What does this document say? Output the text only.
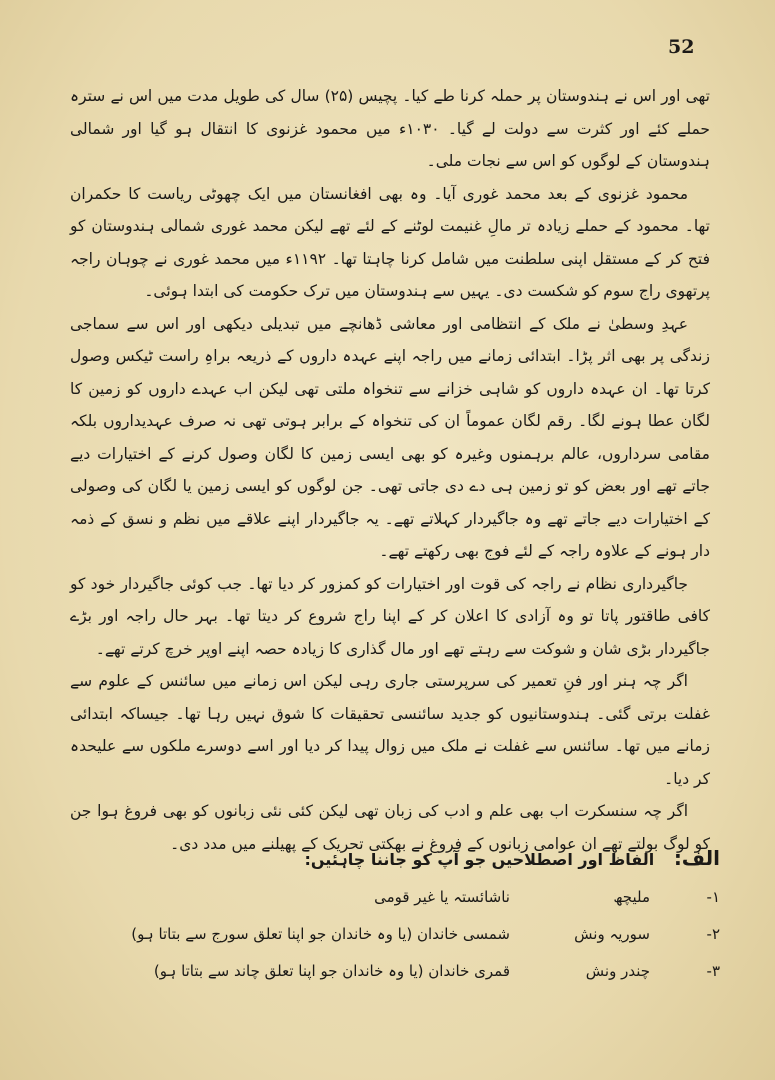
52

تھی اور اس نے ہندوستان پر حملہ کرنا طے کیا۔ پچیس (۲۵) سال کی طویل مدت میں اس نے سترہ حملے کئے اور کثرت سے دولت لے گیا۔ ۱۰۳۰ء میں محمود غزنوی کا انتقال ہو گیا اور شمالی ہندوستان کے لوگوں کو اس سے نجات ملی۔

محمود غزنوی کے بعد محمد غوری آیا۔ وہ بھی افغانستان میں ایک چھوٹی ریاست کا حکمران تھا۔ محمود کے حملے زیادہ تر مالِ غنیمت لوٹنے کے لئے تھے لیکن محمد غوری شمالی ہندوستان کو فتح کر کے مستقل اپنی سلطنت میں شامل کرنا چاہتا تھا۔ ۱۱۹۲ء میں محمد غوری نے چوہان راجہ پرتھوی راج سوم کو شکست دی۔ یہیں سے ہندوستان میں ترک حکومت کی ابتدا ہوئی۔

عہدِ وسطیٰ نے ملک کے انتظامی اور معاشی ڈھانچے میں تبدیلی دیکھی اور اس سے سماجی زندگی پر بھی اثر پڑا۔ ابتدائی زمانے میں راجہ اپنے عہدہ داروں کے ذریعہ براہِ راست ٹیکس وصول کرتا تھا۔ ان عہدہ داروں کو شاہی خزانے سے تنخواہ ملتی تھی لیکن اب عہدے داروں کو زمین کا لگان عطا ہونے لگا۔ رقم لگان عموماً ان کی تنخواہ کے برابر ہوتی تھی نہ صرف عہدیداروں بلکہ مقامی سرداروں، عالم برہمنوں وغیرہ کو بھی ایسی زمین کا لگان وصول کرنے کے اختیارات دیے جاتے تھے اور بعض کو تو زمین ہی دے دی جاتی تھی۔ جن لوگوں کو ایسی زمین یا لگان کی وصولی کے اختیارات دیے جاتے تھے وہ جاگیردار کہلاتے تھے۔ یہ جاگیردار اپنے علاقے میں نظم و نسق کے ذمہ دار ہونے کے علاوہ راجہ کے لئے فوج بھی رکھتے تھے۔

جاگیرداری نظام نے راجہ کی قوت اور اختیارات کو کمزور کر دیا تھا۔ جب کوئی جاگیردار خود کو کافی طاقتور پاتا تو وہ آزادی کا اعلان کر کے اپنا راج شروع کر دیتا تھا۔ بہر حال راجہ اور بڑے جاگیردار بڑی شان و شوکت سے رہتے تھے اور مال گذاری کا زیادہ حصہ اپنے اوپر خرچ کرتے تھے۔

اگر چہ ہنر اور فنِ تعمیر کی سرپرستی جاری رہی لیکن اس زمانے میں سائنس کے علوم سے غفلت برتی گئی۔ ہندوستانیوں کو جدید سائنسی تحقیقات کا شوق نہیں رہا تھا۔ جیساکہ ابتدائی زمانے میں تھا۔ سائنس سے غفلت نے ملک میں زوال پیدا کر دیا اور اسے دوسرے ملکوں سے علیحدہ کر دیا۔

اگر چہ سنسکرت اب بھی علم و ادب کی زبان تھی لیکن کئی نئی زبانوں کو بھی فروغ ہوا جن کو لوگ بولتے تھے ان عوامی زبانوں کے فروغ نے بھکتی تحریک کے پھیلنے میں مدد دی۔

الف: الفاظ اور اصطلاحیں جو آپ کو جاننا چاہئیں:
۱-
ملیچھ
ناشائستہ یا غیر قومی
۲-
سوریہ ونش
شمسی خاندان (یا وہ خاندان جو اپنا تعلق سورج سے بتاتا ہو)
۳-
چندر ونش
قمری خاندان (یا وہ خاندان جو اپنا تعلق چاند سے بتاتا ہو)
